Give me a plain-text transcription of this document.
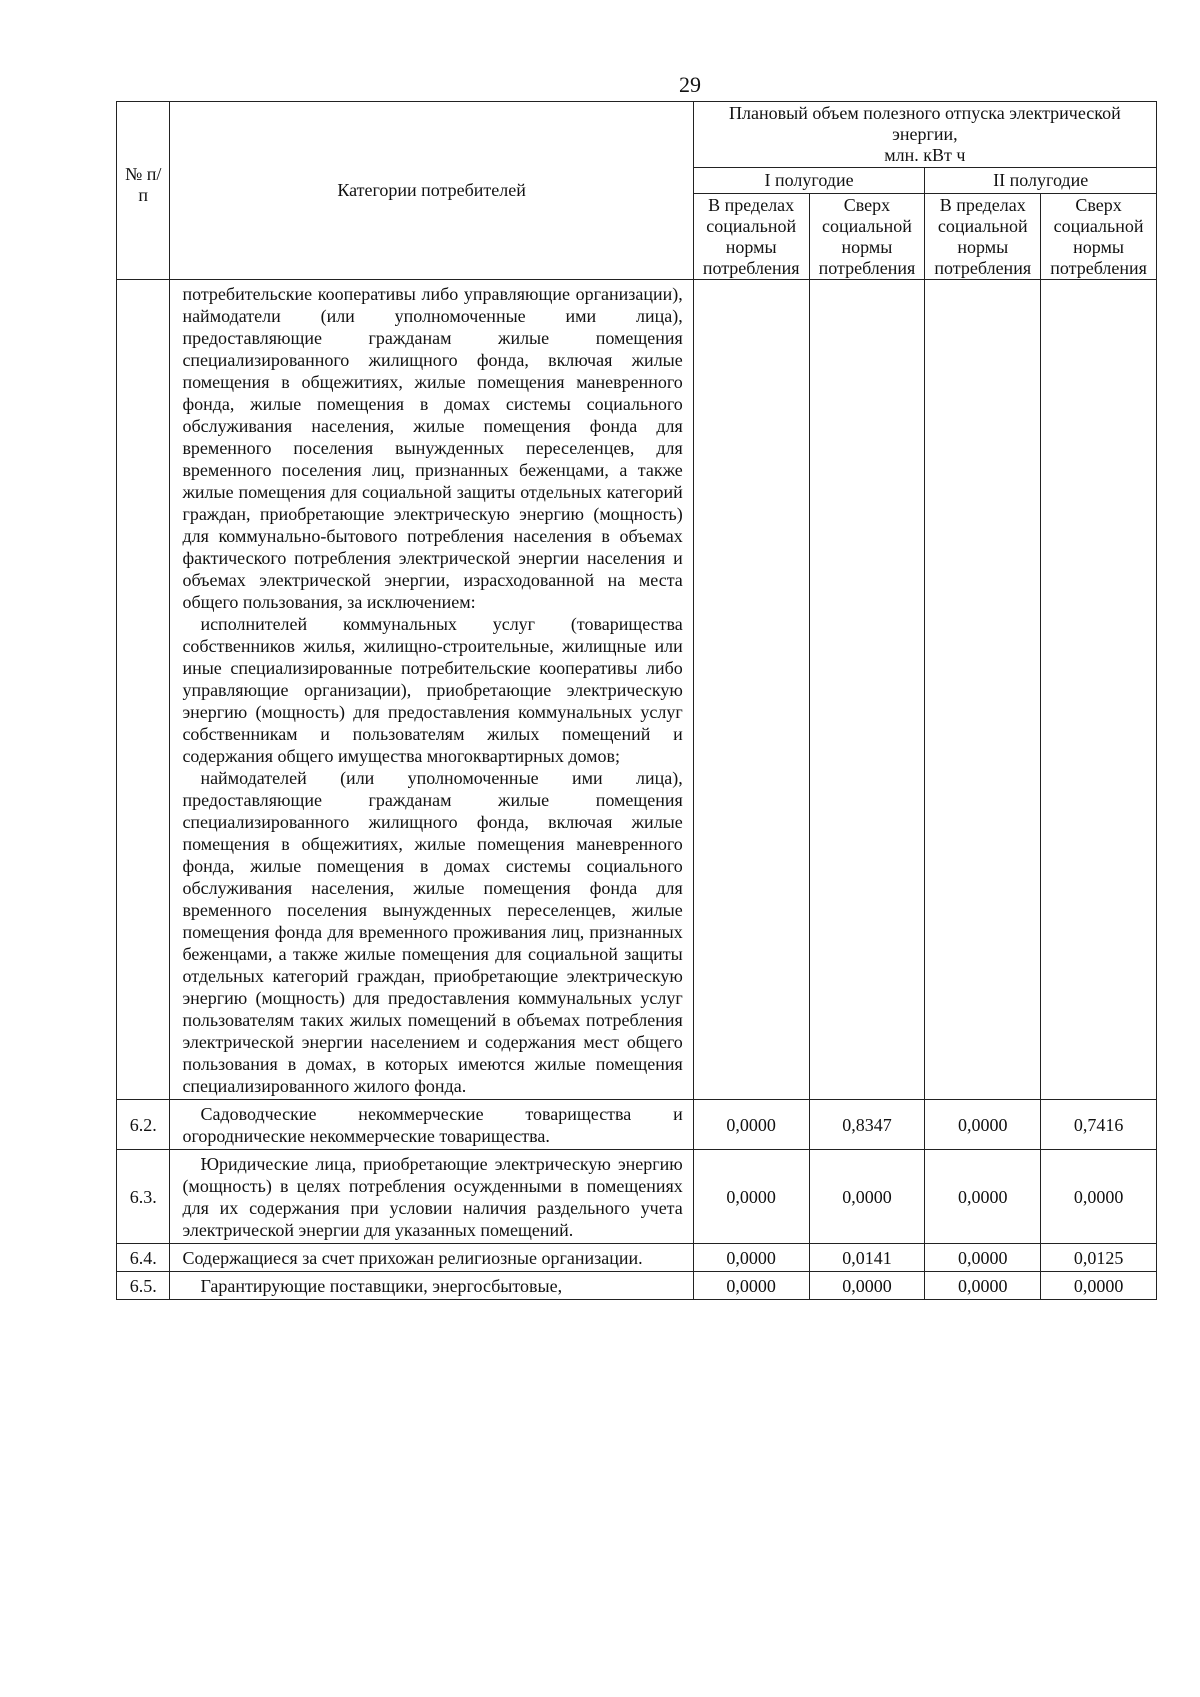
29
№ п/п	Категории потребителей	Плановый объем полезного отпуска электрической энергии,
млн. кВт ч			

		I полугодие		II полугодие	
		В пределах социальной нормы потребления	Сверх социальной нормы потребления	В пределах социальной нормы потребления	Сверх социальной нормы потребления

	потребительские кооперативы либо управляющие организации), наймодатели (или уполномоченные ими лица), предоставляющие гражданам жилые помещения специализированного жилищного фонда, включая жилые помещения в общежитиях, жилые помещения маневренного фонда, жилые помещения в домах системы социального обслуживания населения, жилые помещения фонда для временного поселения вынужденных переселенцев, для временного поселения лиц, признанных беженцами, а также жилые помещения для социальной защиты отдельных категорий граждан, приобретающие электрическую энергию (мощность) для коммунально-бытового потребления населения в объемах фактического потребления электрической энергии населения и объемах электрической энергии, израсходованной на места общего пользования, за исключением:

исполнителей коммунальных услуг (товарищества собственников жилья, жилищно-строительные, жилищные или иные специализированные потребительские кооперативы либо управляющие организации), приобретающие электрическую энергию (мощность) для предоставления коммунальных услуг собственникам и пользователям жилых помещений и содержания общего имущества многоквартирных домов;

наймодателей (или уполномоченные ими лица), предоставляющие гражданам жилые помещения специализированного жилищного фонда, включая жилые помещения в общежитиях, жилые помещения маневренного фонда, жилые помещения в домах системы социального обслуживания населения, жилые помещения фонда для временного поселения вынужденных переселенцев, жилые помещения фонда для временного проживания лиц, признанных беженцами, а также жилые помещения для социальной защиты отдельных категорий граждан, приобретающие электрическую энергию (мощность) для предоставления коммунальных услуг пользователям таких жилых помещений в объемах потребления электрической энергии населением и содержания мест общего пользования в домах, в которых имеются жилые помещения специализированного жилого фонда.				

6.2.	Садоводческие некоммерческие товарищества и огороднические некоммерческие товарищества.	0,0000	0,8347	0,0000	0,7416
6.3.	Юридические лица, приобретающие электрическую энергию (мощность) в целях потребления осужденными в помещениях для их содержания при условии наличия раздельного учета электрической энергии для указанных помещений.	0,0000	0,0000	0,0000	0,0000
6.4.	Содержащиеся за счет прихожан религиозные организации.	0,0000	0,0141	0,0000	0,0125
6.5.	Гарантирующие поставщики, энергосбытовые,	0,0000	0,0000	0,0000	0,0000
